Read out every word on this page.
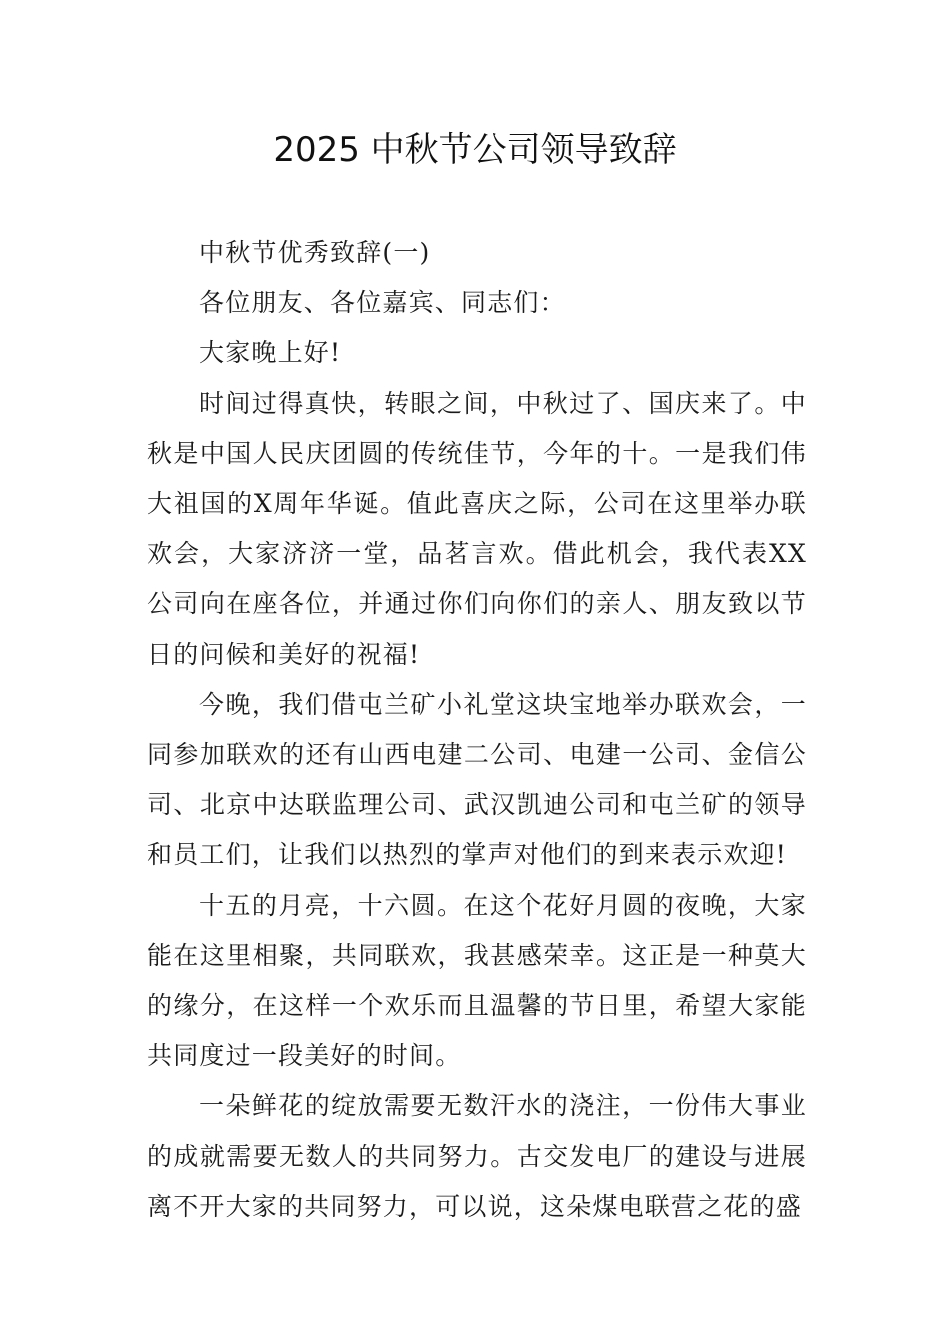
2025 中秋节公司领导致辞

中秋节优秀致辞(一)

各位朋友、各位嘉宾、同志们：

大家晚上好!

时间过得真快，转眼之间，中秋过了、国庆来了。中秋是中国人民庆团圆的传统佳节，今年的十。一是我们伟大祖国的X周年华诞。值此喜庆之际，公司在这里举办联欢会，大家济济一堂，品茗言欢。借此机会，我代表XX公司向在座各位，并通过你们向你们的亲人、朋友致以节日的问候和美好的祝福!

今晚，我们借屯兰矿小礼堂这块宝地举办联欢会，一同参加联欢的还有山西电建二公司、电建一公司、金信公司、北京中达联监理公司、武汉凯迪公司和屯兰矿的领导和员工们，让我们以热烈的掌声对他们的到来表示欢迎!

十五的月亮，十六圆。在这个花好月圆的夜晚，大家能在这里相聚，共同联欢，我甚感荣幸。这正是一种莫大的缘分，在这样一个欢乐而且温馨的节日里，希望大家能共同度过一段美好的时间。

一朵鲜花的绽放需要无数汗水的浇注，一份伟大事业的成就需要无数人的共同努力。古交发电厂的建设与进展离不开大家的共同努力，可以说，这朵煤电联营之花的盛
